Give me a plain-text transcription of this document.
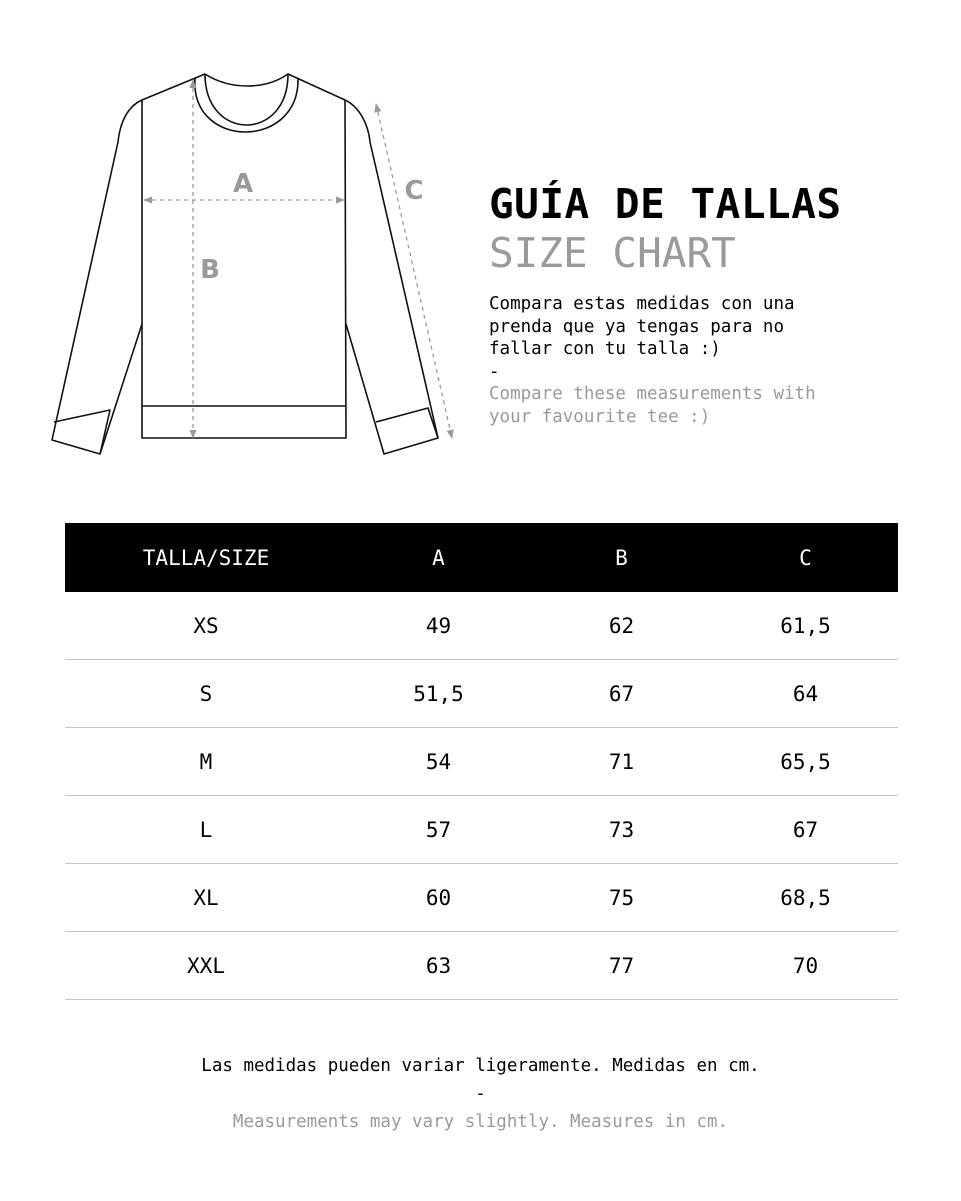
A
B
C GUÍA DE TALLAS
SIZE CHART

Compara estas medidas con una

prenda que ya tengas para no

fallar con tu talla :)

-

Compare these measurements with

your favourite tee :)

TALLA/SIZE	A	B	C
XS	49	62	61,5
S	51,5	67	64
M	54	71	65,5
L	57	73	67
XL	60	75	68,5
XXL	63	77	70

Las medidas pueden variar ligeramente. Medidas en cm.

-

Measurements may vary slightly. Measures in cm.
